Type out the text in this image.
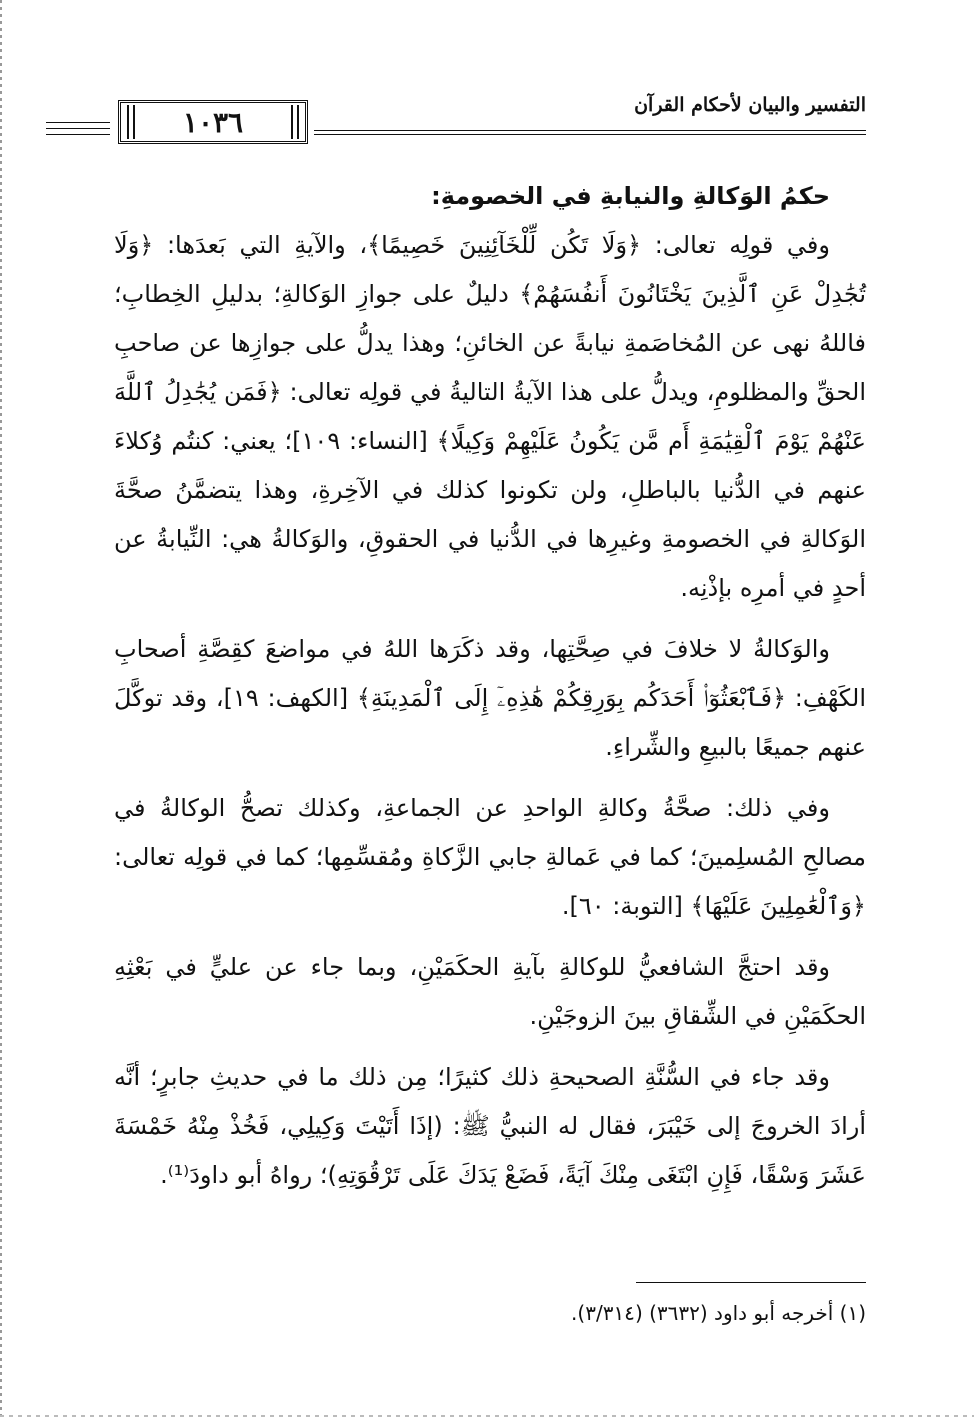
١٠٣٦
التفسير والبيان لأحكام القرآن
حكمُ الوَكالةِ والنيابةِ في الخصومةِ:

وفي قولِه تعالى: ﴿وَلَا تَكُن لِّلْخَآئِنِينَ خَصِيمًا﴾، والآيةِ التي بَعدَها: ﴿وَلَا تُجَٰدِلْ عَنِ ٱلَّذِينَ يَخْتَانُونَ أَنفُسَهُمْ﴾ دليلٌ على جوازِ الوَكالةِ؛ بدليلِ الخِطابِ؛ فاللهُ نهى عن المُخاصَمةِ نيابةً عن الخائنِ؛ وهذا يدلُّ على جوازِها عن صاحبِ الحقِّ والمظلومِ، ويدلُّ على هذا الآيةُ التاليةُ في قولِه تعالى: ﴿فَمَن يُجَٰدِلُ ٱللَّهَ عَنْهُمْ يَوْمَ ٱلْقِيَٰمَةِ أَم مَّن يَكُونُ عَلَيْهِمْ وَكِيلًا﴾ [النساء: ١٠٩]؛ يعني: كنتُم وُكلاءَ عنهم في الدُّنيا بالباطلِ، ولن تكونوا كذلك في الآخِرةِ، وهذا يتضمَّنُ صحَّةَ الوَكالةِ في الخصومةِ وغيرِها في الدُّنيا في الحقوقِ، والوَكالةُ هي: النِّيابةُ عن أحدٍ في أمرِه بإذْنِه.

والوَكالةُ لا خلافَ في صِحَّتِها، وقد ذكَرَها اللهُ في مواضعَ كقِصَّةِ أصحابِ الكَهْفِ: ﴿فَٱبْعَثُوٓا۟ أَحَدَكُم بِوَرِقِكُمْ هَٰذِهِۦٓ إِلَى ٱلْمَدِينَةِ﴾ [الكهف: ١٩]، وقد توكَّلَ عنهم جميعًا بالبيعِ والشِّراءِ.

وفي ذلك: صحَّةُ وكالةِ الواحدِ عن الجماعةِ، وكذلك تصحُّ الوكالةُ في مصالحِ المُسلِمينَ؛ كما في عَمالةِ جابي الزَّكاةِ ومُقسِّمِها؛ كما في قولِه تعالى: ﴿وَٱلْعَٰمِلِينَ عَلَيْهَا﴾ [التوبة: ٦٠].

وقد احتجَّ الشافعيُّ للوكالةِ بآيةِ الحكَمَيْنِ، وبما جاء عن عليٍّ في بَعْثِهِ الحكَمَيْنِ في الشِّقاقِ بينَ الزوجَيْنِ.

وقد جاء في السُّنَّةِ الصحيحةِ ذلك كثيرًا؛ مِن ذلك ما في حديثِ جابرٍ؛ أنَّه أرادَ الخروجَ إلى خَيْبَرَ، فقال له النبيُّ ﷺ: (إذَا أَتَيْتَ وَكِيلِي، فَخُذْ مِنْهُ خَمْسَةَ عَشَرَ وَسْقًا، فَإِنِ ابْتَغَى مِنْكَ آيَةً، فَضَعْ يَدَكَ عَلَى تَرْقُوَتِهِ)؛ رواهُ أبو داودَ⁽¹⁾.

(١) أخرجه أبو داود (٣٦٣٢) (٣/٣١٤).
